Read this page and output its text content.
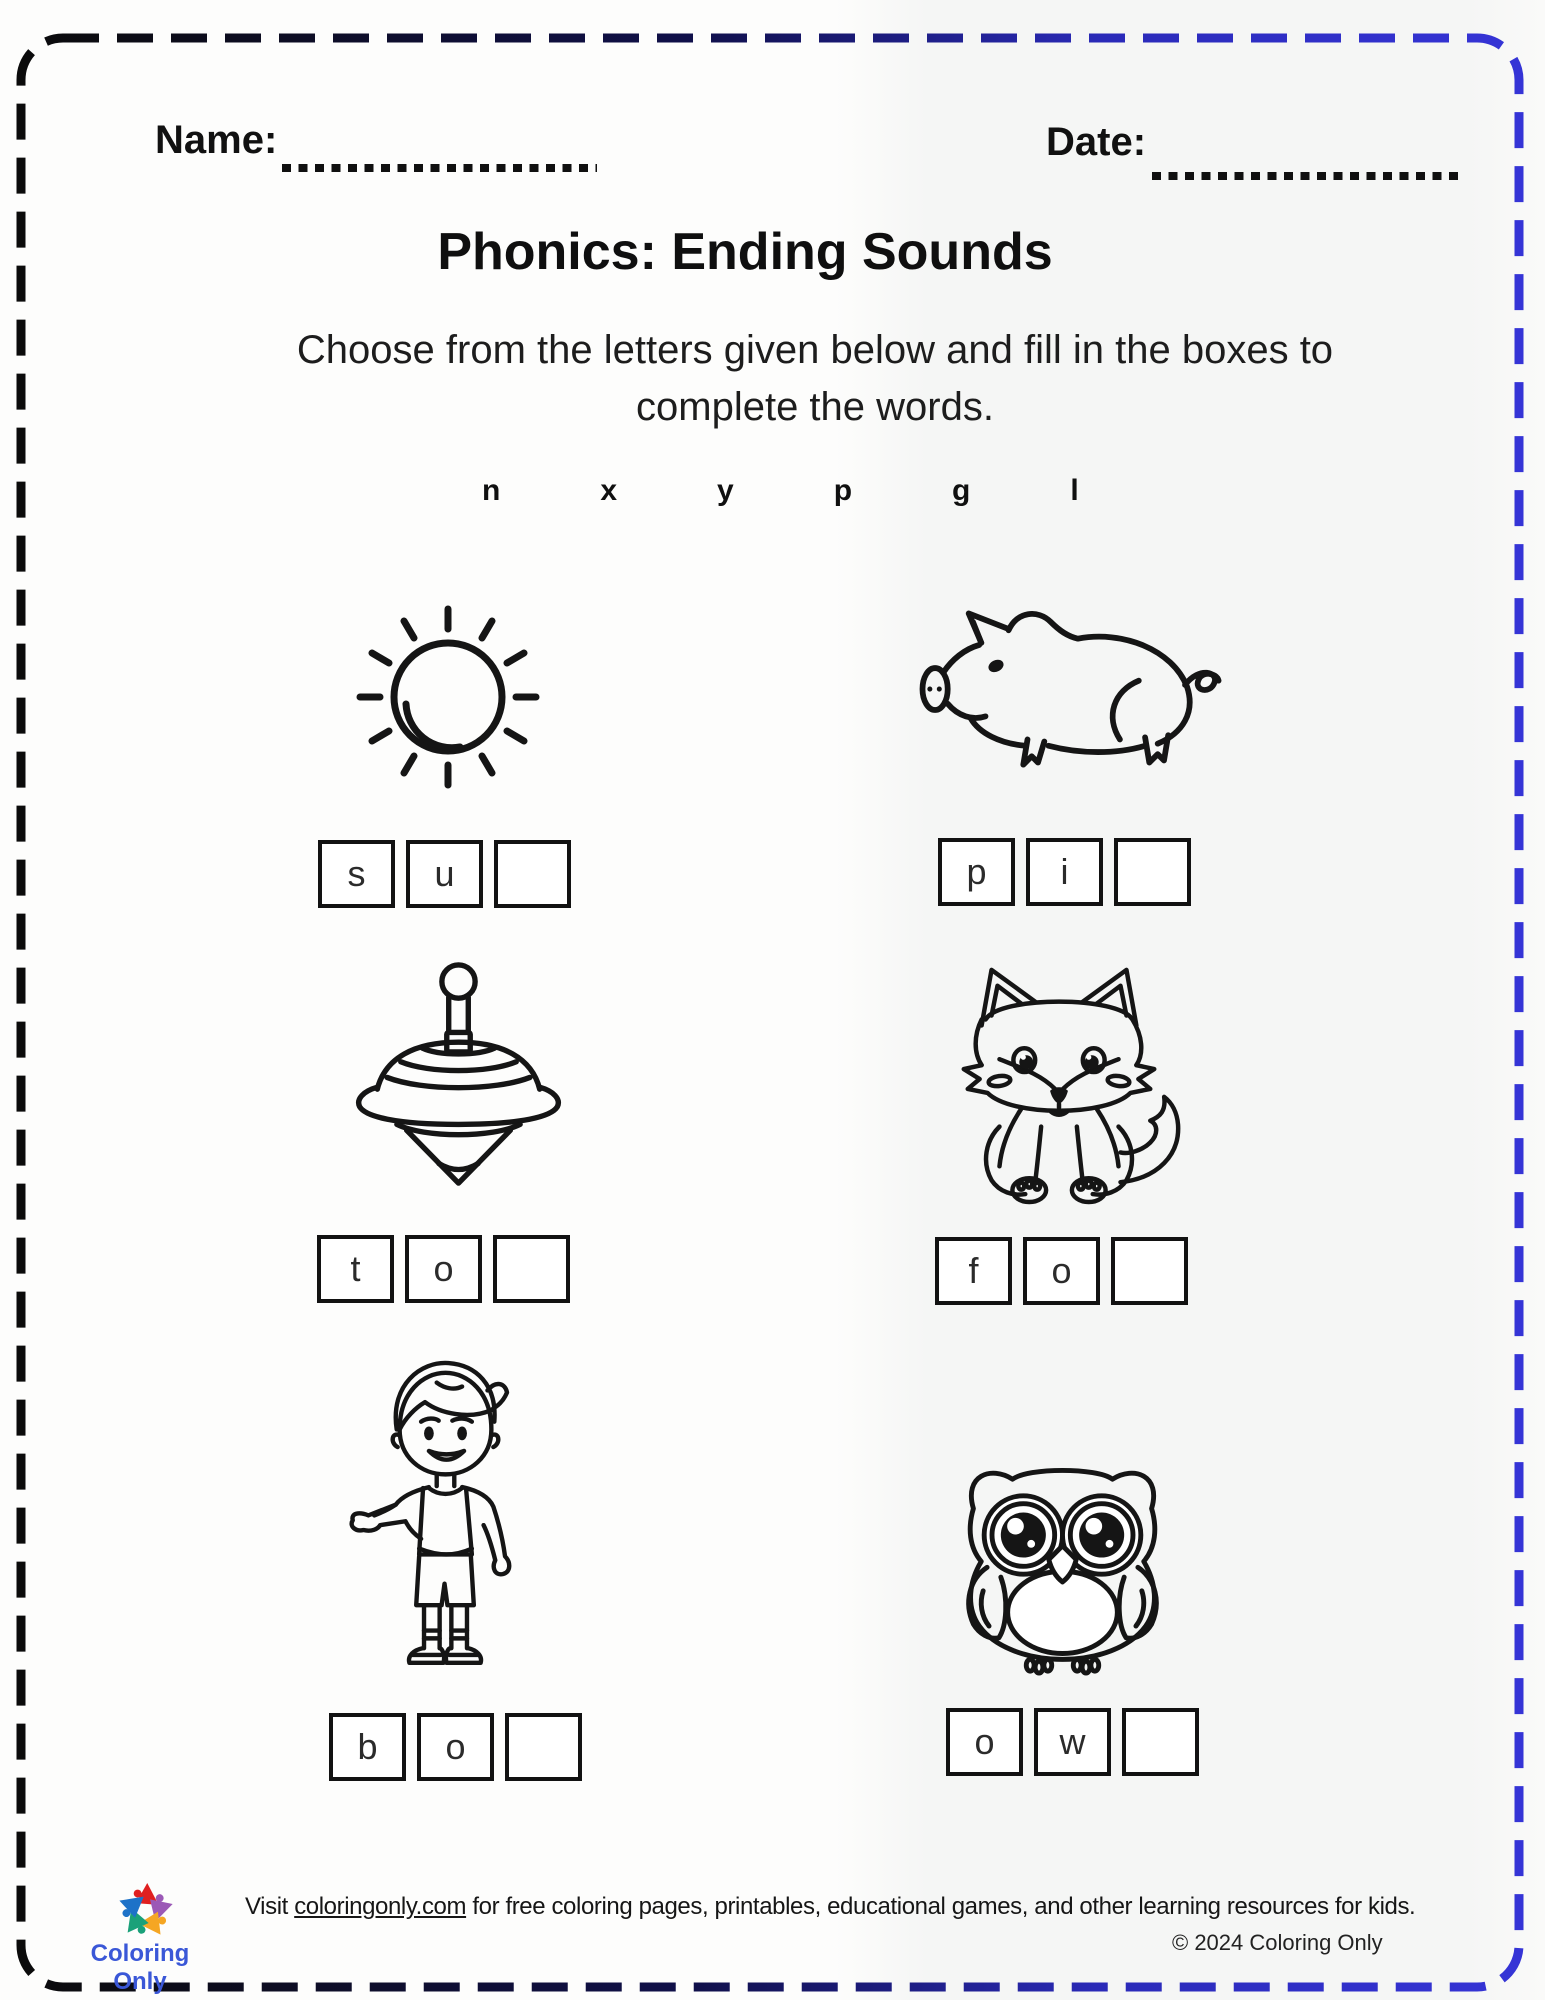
Name:	Date:
Phonics: Ending Sounds
Choose from the letters given below and fill in the boxes to
complete the words.
n	x	y	p	g	l
s u	p i
t o	f o
b o	o w
Coloring Only
Visit coloringonly.com for free coloring pages, printables, educational games, and other learning resources for kids.
© 2024 Coloring Only
